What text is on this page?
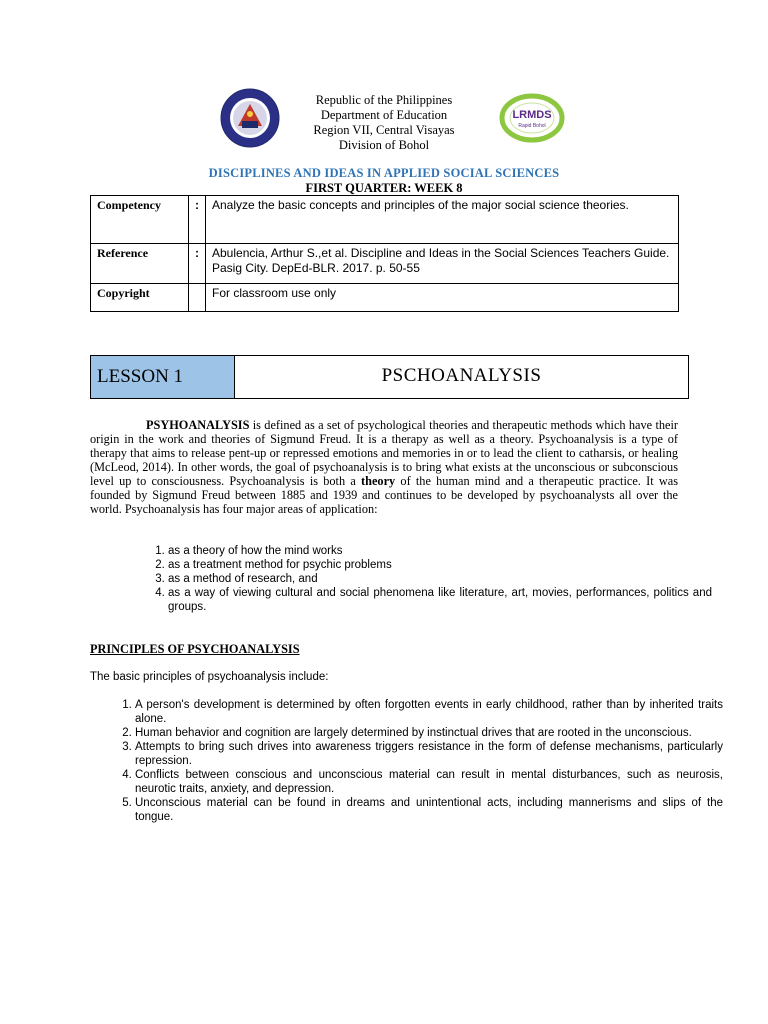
Republic of the Philippines
Department of Education
Region VII, Central Visayas
Division of Bohol
LRMDS
Rapid Bohol
DISCIPLINES AND IDEAS IN APPLIED SOCIAL SCIENCES
FIRST QUARTER: WEEK 8
Competency	:	Analyze the basic concepts and principles of the major social science theories.
Reference	:	Abulencia, Arthur S.,et al. Discipline and Ideas in the Social Sciences Teachers Guide. Pasig City. DepEd-BLR. 2017. p. 50-55
Copyright		For classroom use only
LESSON 1	PSCHOANALYSIS

PSYHOANALYSIS is defined as a set of psychological theories and therapeutic methods which have their origin in the work and theories of Sigmund Freud. It is a therapy as well as a theory. Psychoanalysis is a type of therapy that aims to release pent-up or repressed emotions and memories in or to lead the client to catharsis, or healing (McLeod, 2014). In other words, the goal of psychoanalysis is to bring what exists at the unconscious or subconscious level up to consciousness. Psychoanalysis is both a theory of the human mind and a therapeutic practice. It was founded by Sigmund Freud between 1885 and 1939 and continues to be developed by psychoanalysts all over the world. Psychoanalysis has four major areas of application:

1. as a theory of how the mind works
2. as a treatment method for psychic problems
3. as a method of research, and
4. as a way of viewing cultural and social phenomena like literature, art, movies, performances, politics and groups.
PRINCIPLES OF PSYCHOANALYSIS
The basic principles of psychoanalysis include:
1. A person's development is determined by often forgotten events in early childhood, rather than by inherited traits alone.
2. Human behavior and cognition are largely determined by instinctual drives that are rooted in the unconscious.
3. Attempts to bring such drives into awareness triggers resistance in the form of defense mechanisms, particularly repression.
4. Conflicts between conscious and unconscious material can result in mental disturbances, such as neurosis, neurotic traits, anxiety, and depression.
5. Unconscious material can be found in dreams and unintentional acts, including mannerisms and slips of the tongue.
